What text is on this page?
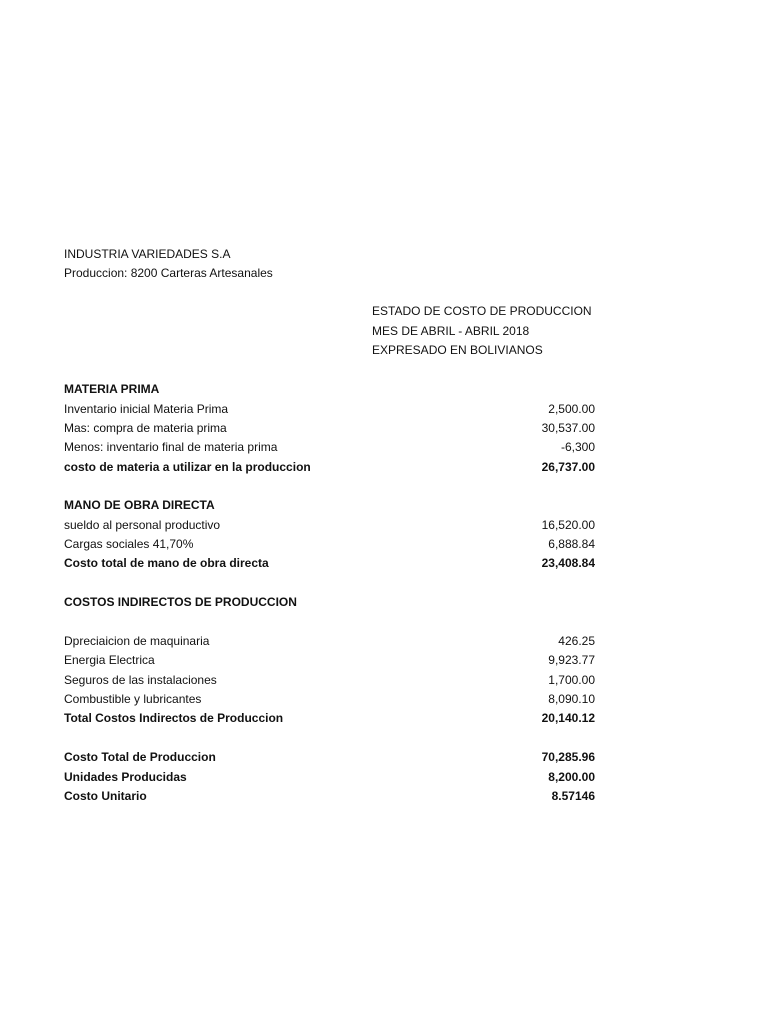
INDUSTRIA VARIEDADES S.A
Produccion: 8200 Carteras Artesanales
ESTADO DE COSTO DE PRODUCCION
MES DE ABRIL - ABRIL 2018
EXPRESADO EN BOLIVIANOS
MATERIA PRIMA
Inventario inicial Materia Prima	2,500.00
Mas: compra de materia prima	30,537.00
Menos: inventario final de materia prima	-6,300
costo de materia a utilizar en la produccion	26,737.00
MANO DE OBRA DIRECTA
sueldo al personal productivo	16,520.00
Cargas sociales 41,70%	6,888.84
Costo total de mano de obra directa	23,408.84
COSTOS INDIRECTOS DE PRODUCCION
Dpreciaicion de maquinaria	426.25
Energia Electrica	9,923.77
Seguros de las instalaciones	1,700.00
Combustible y lubricantes	8,090.10
Total Costos Indirectos de Produccion	20,140.12
Costo Total de Produccion	70,285.96
Unidades Producidas	8,200.00
Costo Unitario	8.57146
